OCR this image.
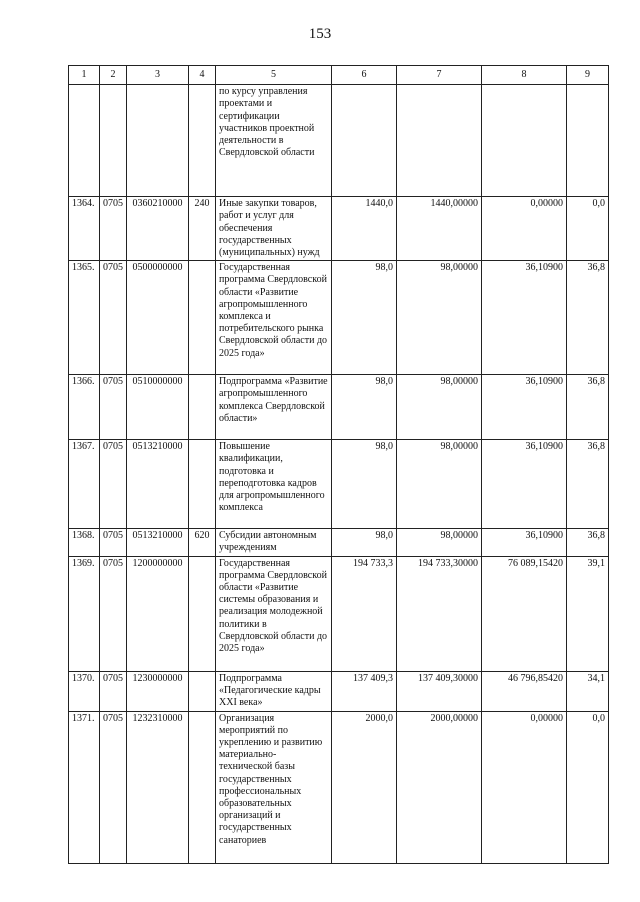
153
1	2	3	4	5	6	7	8	9
				по курсу управления проектами и сертификации участников проектной деятельности в Свердловской области				
1364.	0705	0360210000	240	Иные закупки товаров, работ и услуг для обеспечения государственных (муниципальных) нужд	1440,0	1440,00000	0,00000	0,0
1365.	0705	0500000000		Государственная программа Свердловской области «Развитие агропромышленного комплекса и потребительского рынка Свердловской области до 2025 года»	98,0	98,00000	36,10900	36,8
1366.	0705	0510000000		Подпрограмма «Развитие агропромышленного комплекса Свердловской области»	98,0	98,00000	36,10900	36,8
1367.	0705	0513210000		Повышение квалификации, подготовка и переподготовка кадров для агропромышленного комплекса	98,0	98,00000	36,10900	36,8
1368.	0705	0513210000	620	Субсидии автономным учреждениям	98,0	98,00000	36,10900	36,8
1369.	0705	1200000000		Государственная программа Свердловской области «Развитие системы образования и реализация молодежной политики в Свердловской области до 2025 года»	194 733,3	194 733,30000	76 089,15420	39,1
1370.	0705	1230000000		Подпрограмма «Педагогические кадры XXI века»	137 409,3	137 409,30000	46 796,85420	34,1
1371.	0705	1232310000		Организация мероприятий по укреплению и развитию материально-технической базы государственных профессиональных образовательных организаций и государственных санаториев	2000,0	2000,00000	0,00000	0,0
